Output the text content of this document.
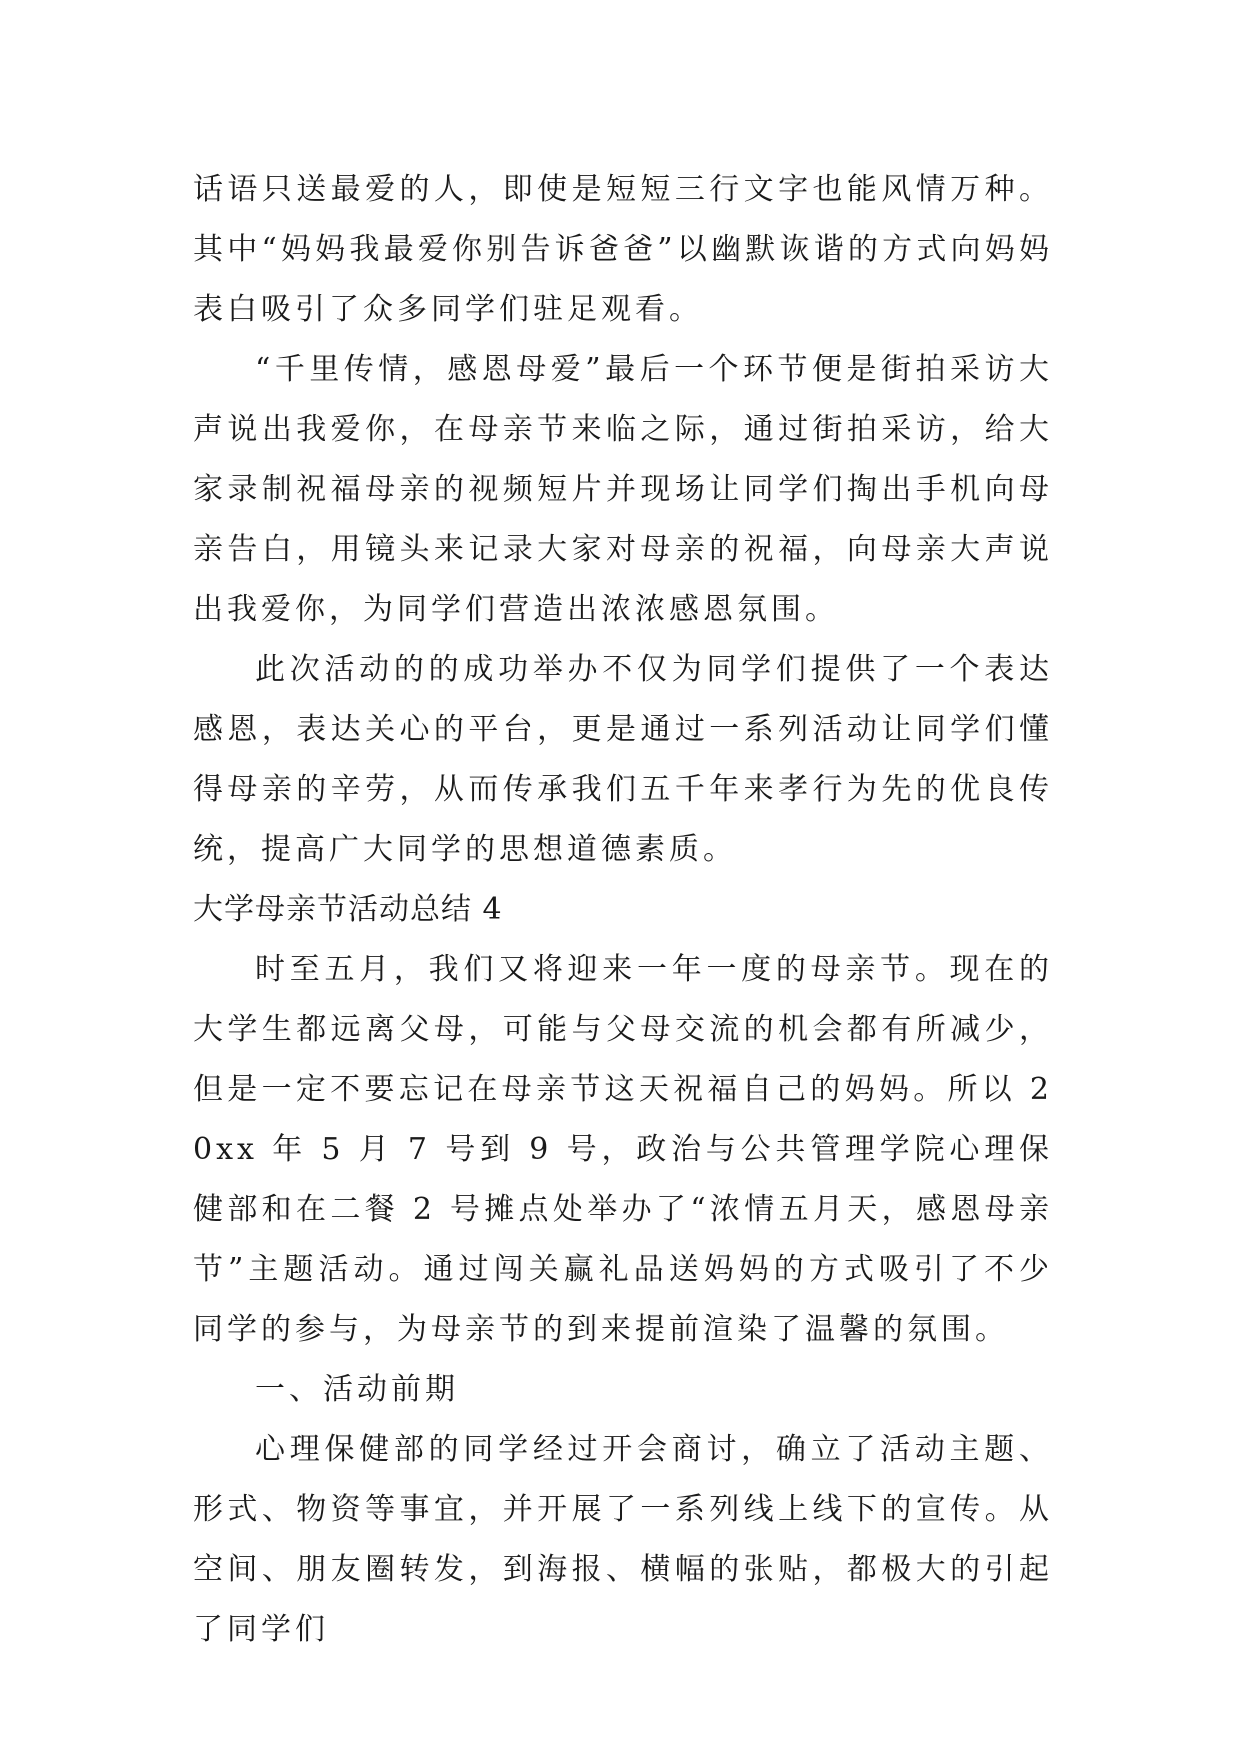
话语只送最爱的人，即使是短短三行文字也能风情万种。其中“妈妈我最爱你别告诉爸爸”以幽默诙谐的方式向妈妈表白吸引了众多同学们驻足观看。

“千里传情，感恩母爱”最后一个环节便是街拍采访大声说出我爱你，在母亲节来临之际，通过街拍采访，给大家录制祝福母亲的视频短片并现场让同学们掏出手机向母亲告白，用镜头来记录大家对母亲的祝福，向母亲大声说出我爱你，为同学们营造出浓浓感恩氛围。

此次活动的的成功举办不仅为同学们提供了一个表达感恩，表达关心的平台，更是通过一系列活动让同学们懂得母亲的辛劳，从而传承我们五千年来孝行为先的优良传统，提高广大同学的思想道德素质。

大学母亲节活动总结 4

时至五月，我们又将迎来一年一度的母亲节。现在的大学生都远离父母，可能与父母交流的机会都有所减少，但是一定不要忘记在母亲节这天祝福自己的妈妈。所以 20xx 年 5 月 7 号到 9 号，政治与公共管理学院心理保健部和在二餐 2 号摊点处举办了“浓情五月天，感恩母亲节”主题活动。通过闯关赢礼品送妈妈的方式吸引了不少同学的参与，为母亲节的到来提前渲染了温馨的氛围。

一、活动前期

心理保健部的同学经过开会商讨，确立了活动主题、形式、物资等事宜，并开展了一系列线上线下的宣传。从空间、朋友圈转发，到海报、横幅的张贴，都极大的引起了同学们
